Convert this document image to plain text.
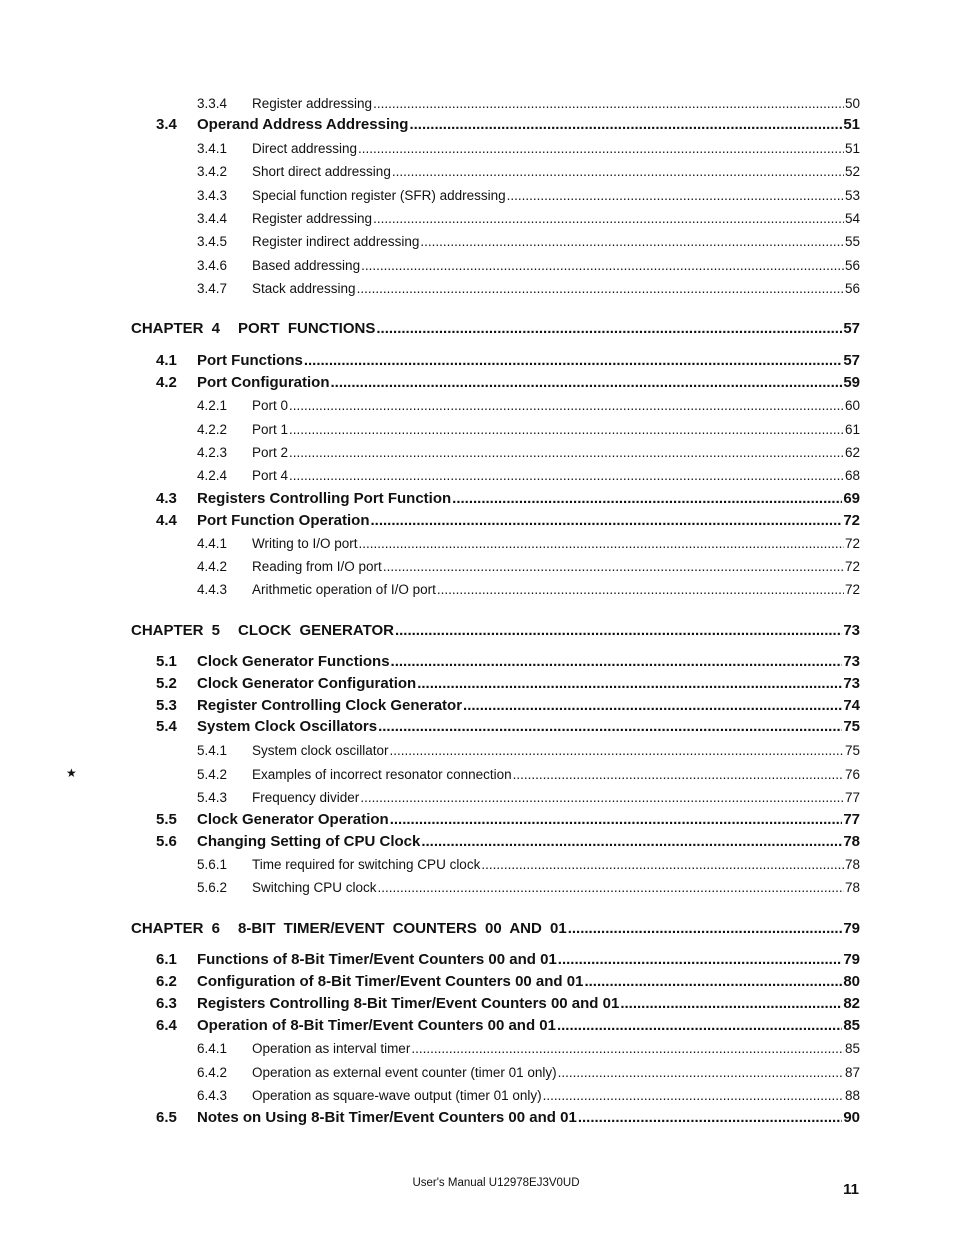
3.3.4	Register addressing .....	50
3.4	Operand Address Addressing .....	51
3.4.1	Direct addressing .....	51
3.4.2	Short direct addressing .....	52
3.4.3	Special function register (SFR) addressing .....	53
3.4.4	Register addressing .....	54
3.4.5	Register indirect addressing .....	55
3.4.6	Based addressing .....	56
3.4.7	Stack addressing .....	56
CHAPTER 4 PORT FUNCTIONS .....	57
4.1	Port Functions .....	57
4.2	Port Configuration .....	59
4.2.1	Port 0 .....	60
4.2.2	Port 1 .....	61
4.2.3	Port 2 .....	62
4.2.4	Port 4 .....	68
4.3	Registers Controlling Port Function .....	69
4.4	Port Function Operation .....	72
4.4.1	Writing to I/O port .....	72
4.4.2	Reading from I/O port .....	72
4.4.3	Arithmetic operation of I/O port .....	72
CHAPTER 5 CLOCK GENERATOR .....	73
5.1	Clock Generator Functions .....	73
5.2	Clock Generator Configuration .....	73
5.3	Register Controlling Clock Generator .....	74
5.4	System Clock Oscillators .....	75
5.4.1	System clock oscillator .....	75
5.4.2	Examples of incorrect resonator connection .....	76
5.4.3	Frequency divider .....	77
5.5	Clock Generator Operation .....	77
5.6	Changing Setting of CPU Clock .....	78
5.6.1	Time required for switching CPU clock .....	78
5.6.2	Switching CPU clock .....	78
CHAPTER 6 8-BIT TIMER/EVENT COUNTERS 00 AND 01 .....	79
6.1	Functions of 8-Bit Timer/Event Counters 00 and 01 .....	79
6.2	Configuration of 8-Bit Timer/Event Counters 00 and 01 .....	80
6.3	Registers Controlling 8-Bit Timer/Event Counters 00 and 01 .....	82
6.4	Operation of 8-Bit Timer/Event Counters 00 and 01 .....	85
6.4.1	Operation as interval timer .....	85
6.4.2	Operation as external event counter (timer 01 only) .....	87
6.4.3	Operation as square-wave output (timer 01 only) .....	88
6.5	Notes on Using 8-Bit Timer/Event Counters 00 and 01 .....	90
User's Manual U12978EJ3V0UD	11
★
